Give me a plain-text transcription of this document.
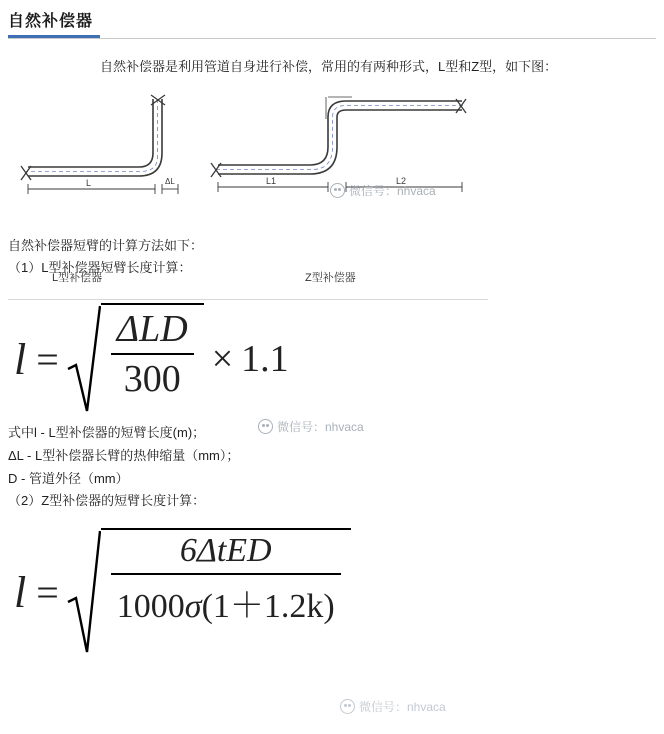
自然补偿器
自然补偿器是利用管道自身进行补偿，常用的有两种形式，L型和Z型，如下图：
L	ΔL	L1	L2
L型补偿器	Z型补偿器
微信号：nhvaca
自然补偿器短臂的计算方法如下：
（1）L型补偿器短臂长度计算：
$l = \frac{\text{ΔLD}}{300} \times 1.1$
微信号：nhvaca
式中l - L型补偿器的短臂长度(m)；
ΔL - L型补偿器长臂的热伸缩量（mm）；
D - 管道外径（mm）
（2）Z型补偿器的短臂长度计算：
$l = \frac{\text{6ΔtED}}{1000\sigma(1+1.2k)}$
微信号：nhvaca
